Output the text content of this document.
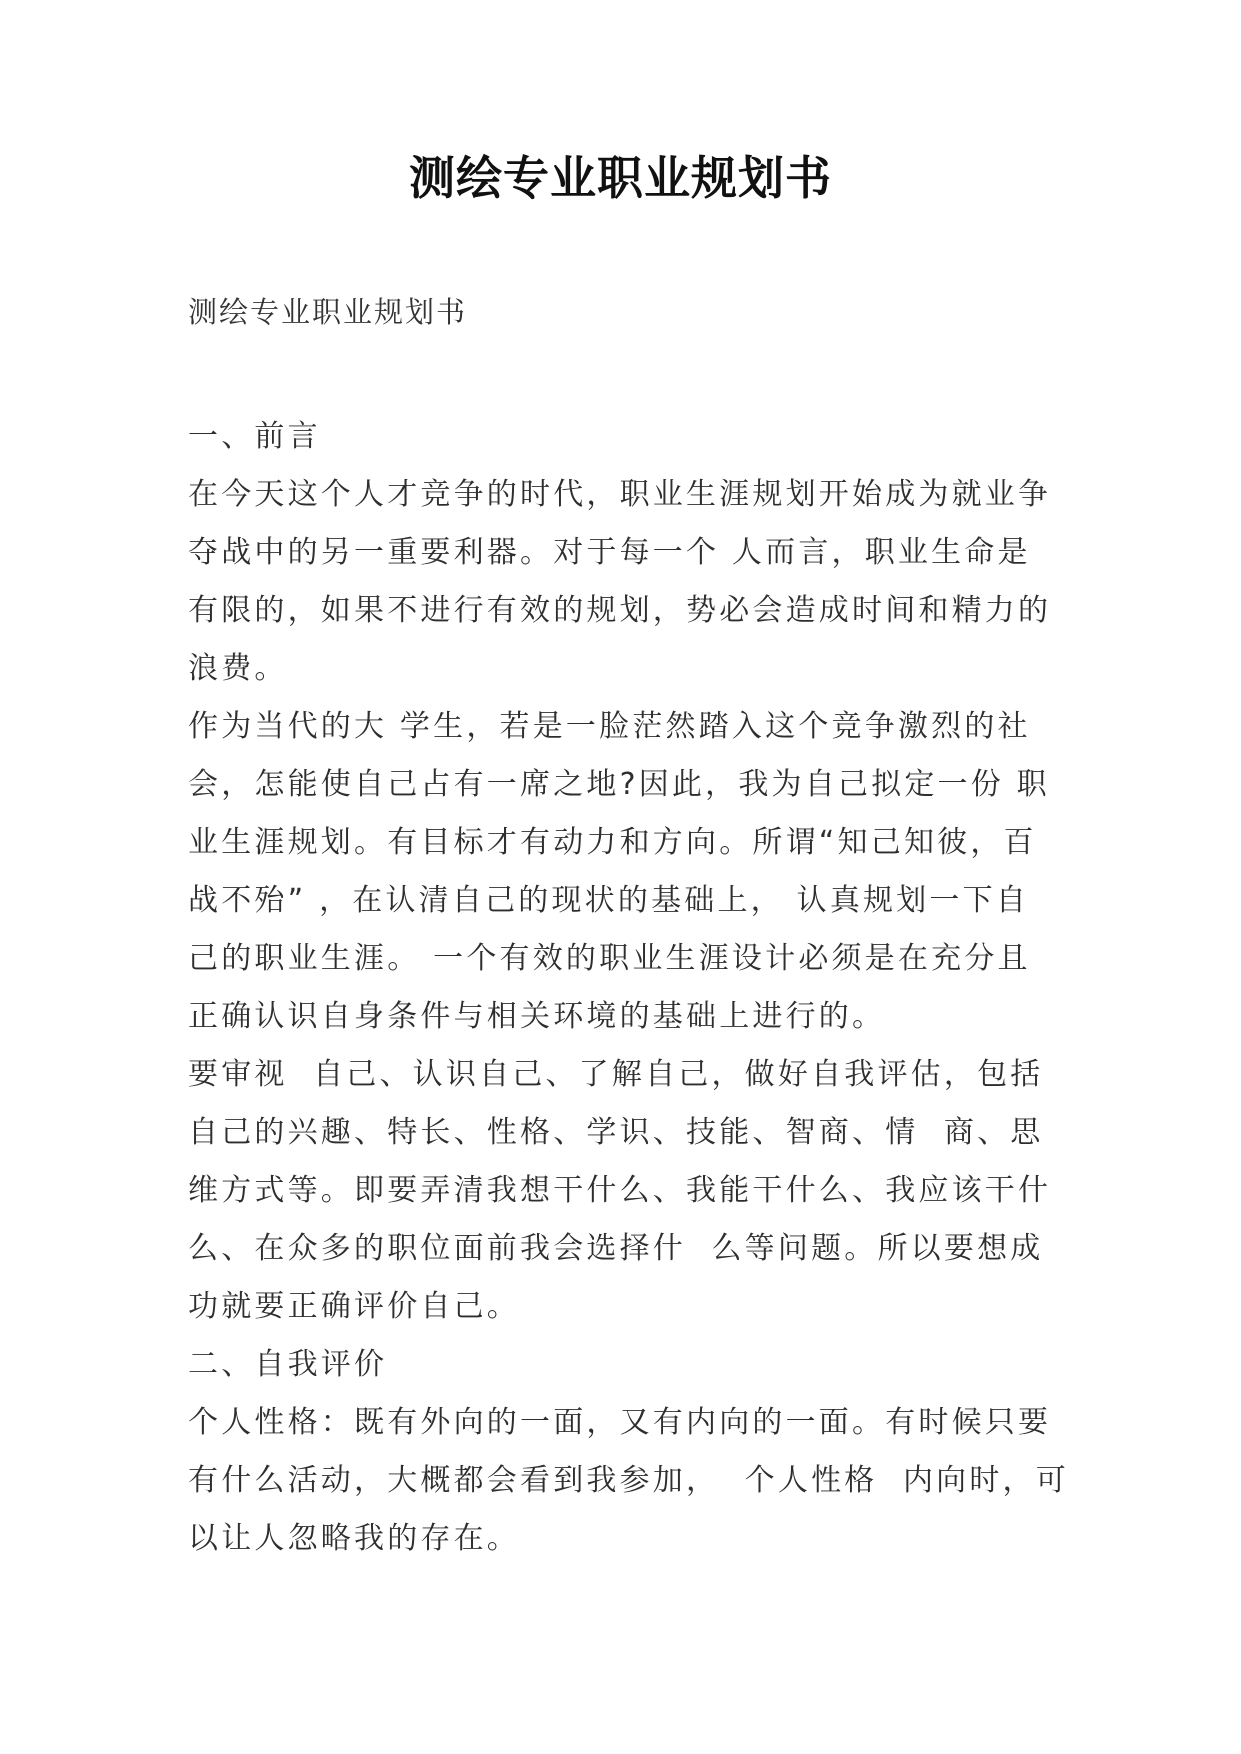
测绘专业职业规划书
测绘专业职业规划书
一、前言
在今天这个人才竞争的时代，职业生涯规划开始成为就业争
夺战中的另一重要利器。对于每一个 人而言，职业生命是
有限的，如果不进行有效的规划，势必会造成时间和精力的
浪费。
作为当代的大 学生，若是一脸茫然踏入这个竞争激烈的社
会，怎能使自己占有一席之地?因此，我为自己拟定一份 职
业生涯规划。有目标才有动力和方向。所谓“知己知彼，百
战不殆” ，在认清自己的现状的基础上， 认真规划一下自
己的职业生涯。 一个有效的职业生涯设计必须是在充分且
正确认识自身条件与相关环境的基础上进行的。
要审视  自己、认识自己、了解自己，做好自我评估，包括
自己的兴趣、特长、性格、学识、技能、智商、情  商、思
维方式等。即要弄清我想干什么、我能干什么、我应该干什
么、在众多的职位面前我会选择什  么等问题。所以要想成
功就要正确评价自己。
二、自我评价
个人性格：既有外向的一面，又有内向的一面。有时候只要
有什么活动，大概都会看到我参加，  个人性格  内向时，可
以让人忽略我的存在。
